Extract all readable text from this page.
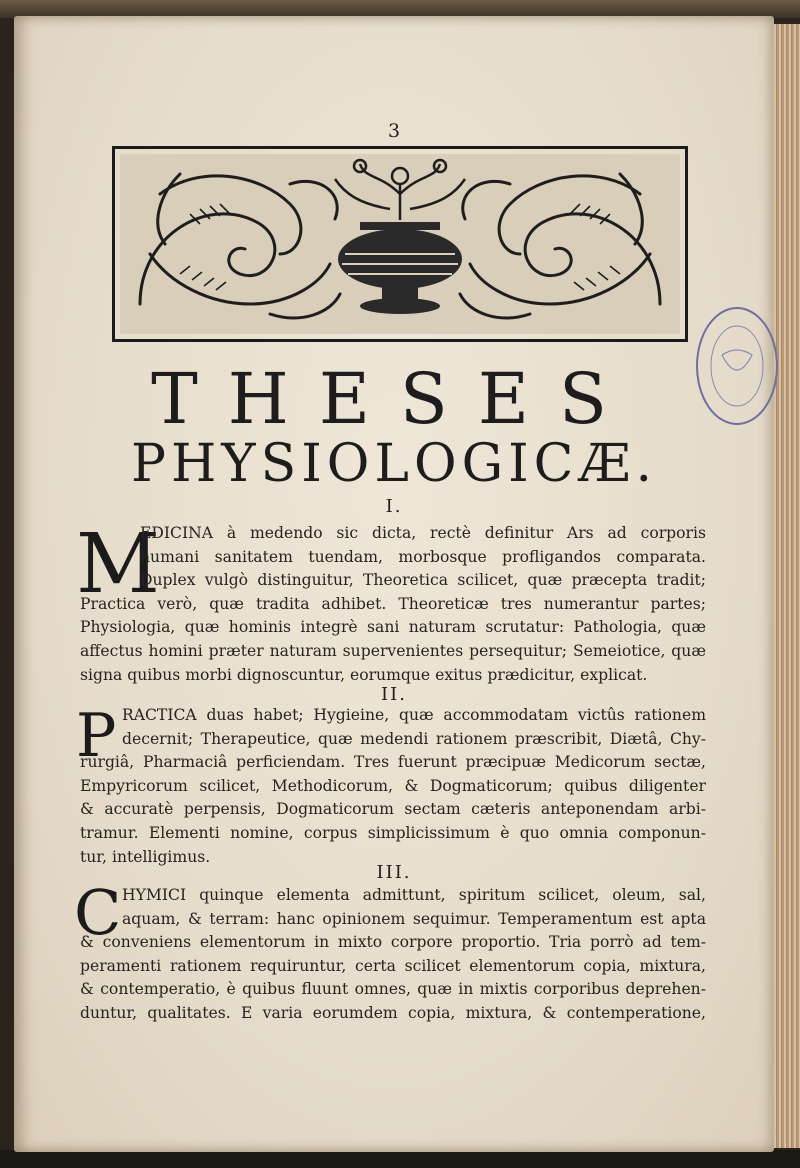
3
THESES
PHYSIOLOGICÆ.
I.
M
EDICINA à medendo sic dicta, rectè definitur Ars ad corporis
humani sanitatem tuendam, morbosque profligandos comparata.
Duplex vulgò distinguitur, Theoretica scilicet, quæ præcepta tradit;
Practica verò, quæ tradita adhibet. Theoreticæ tres numerantur partes;
Physiologia, quæ hominis integrè sani naturam scrutatur: Pathologia, quæ
affectus homini præter naturam supervenientes persequitur; Semeiotice, quæ
signa quibus morbi dignoscuntur, eorumque exitus prædicitur, explicat.
II.
P RACTICA duas habet; Hygieine, quæ accommodatam victûs rationem
decernit; Therapeutice, quæ medendi rationem præscribit, Diætâ, Chy-
rurgiâ, Pharmaciâ perficiendam. Tres fuerunt præcipuæ Medicorum sectæ,
Empyricorum scilicet, Methodicorum, & Dogmaticorum; quibus diligenter
& accuratè perpensis, Dogmaticorum sectam cæteris anteponendam arbi-
tramur. Elementi nomine, corpus simplicissimum è quo omnia componun-
tur, intelligimus.
III.
C HYMICI quinque elementa admittunt, spiritum scilicet, oleum, sal,
aquam, & terram: hanc opinionem sequimur. Temperamentum est apta
& conveniens elementorum in mixto corpore proportio. Tria porrò ad tem-
peramenti rationem requiruntur, certa scilicet elementorum copia, mixtura,
& contemperatio, è quibus fluunt omnes, quæ in mixtis corporibus deprehen-
duntur, qualitates. E varia eorumdem copia, mixtura, & contemperatione,
